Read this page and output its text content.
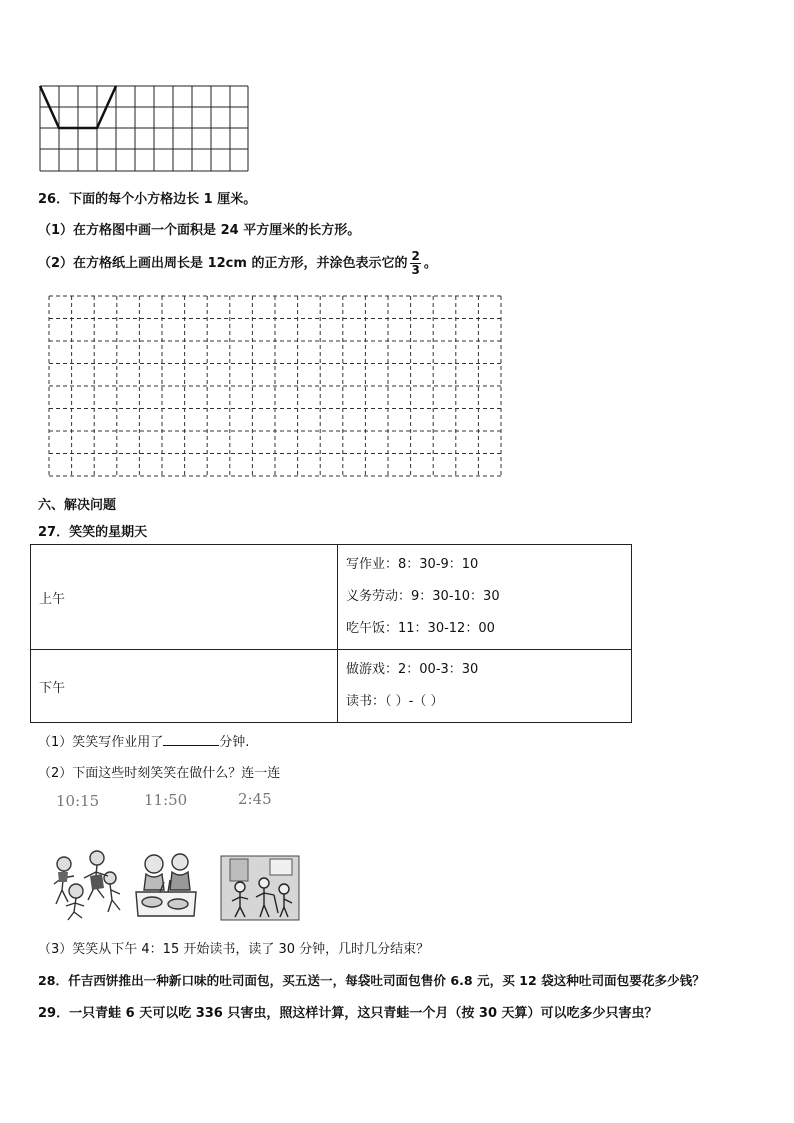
26．下面的每个小方格边长 1 厘米。
（1）在方格图中画一个面积是 24 平方厘米的长方形。
（2）在方格纸上画出周长是 12cm 的正方形，并涂色表示它的 $\frac{2}{3}$ 。
六、解决问题
27．笑笑的星期天
上午	写作业：8：30-9：10
义务劳动：9：30-10：30
吃午饭：11：30-12：00

下午	做游戏：2：00-3：30
读书：（ ）-（ ）
（1）笑笑写作业用了	分钟.
（2）下面这些时刻笑笑在做什么？连一连
10:15	11:50	2:45
（3）笑笑从下午 4：15 开始读书，读了 30 分钟，几时几分结束？
28．仟吉西饼推出一种新口味的吐司面包，买五送一，每袋吐司面包售价 6.8 元，买 12 袋这种吐司面包要花多少钱？
29．一只青蛙 6 天可以吃 336 只害虫，照这样计算，这只青蛙一个月（按 30 天算）可以吃多少只害虫？
